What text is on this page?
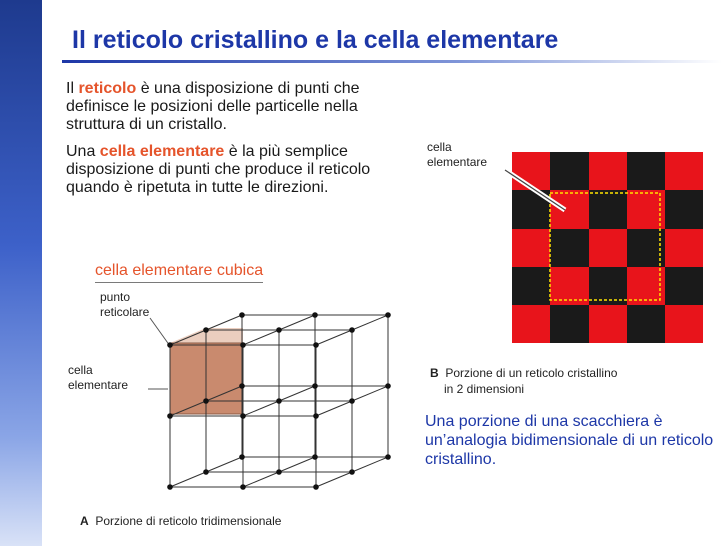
Il reticolo cristallino e la cella elementare
Il reticolo è una disposizione di punti che definisce le posizioni delle particelle nella struttura di un cristallo.
Una cella elementare è la più semplice disposizione di punti che produce il reticolo quando è ripetuta in tutte le direzioni.
cella elementare cubica
punto
reticolare
cella
elementare
A Porzione di reticolo tridimensionale
cella
elementare
B Porzione di un reticolo cristallino
in 2 dimensioni
Una porzione di una scacchiera è un’analogia bidimensionale di un reticolo cristallino.
